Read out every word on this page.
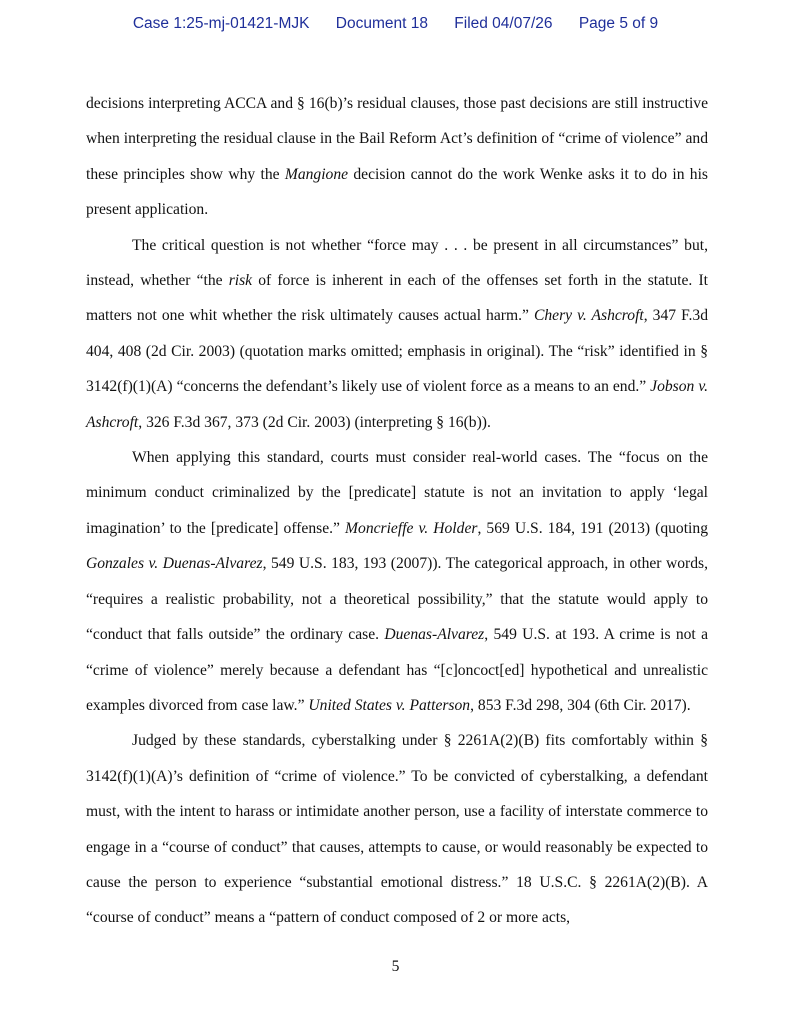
Case 1:25-mj-01421-MJK Document 18 Filed 04/07/26 Page 5 of 9

decisions interpreting ACCA and § 16(b)’s residual clauses, those past decisions are still instructive when interpreting the residual clause in the Bail Reform Act’s definition of “crime of violence” and these principles show why the Mangione decision cannot do the work Wenke asks it to do in his present application.

The critical question is not whether “force may . . . be present in all circumstances” but, instead, whether “the risk of force is inherent in each of the offenses set forth in the statute. It matters not one whit whether the risk ultimately causes actual harm.” Chery v. Ashcroft, 347 F.3d 404, 408 (2d Cir. 2003) (quotation marks omitted; emphasis in original). The “risk” identified in § 3142(f)(1)(A) “concerns the defendant’s likely use of violent force as a means to an end.” Jobson v. Ashcroft, 326 F.3d 367, 373 (2d Cir. 2003) (interpreting § 16(b)).

When applying this standard, courts must consider real-world cases. The “focus on the minimum conduct criminalized by the [predicate] statute is not an invitation to apply ‘legal imagination’ to the [predicate] offense.” Moncrieffe v. Holder, 569 U.S. 184, 191 (2013) (quoting Gonzales v. Duenas-Alvarez, 549 U.S. 183, 193 (2007)). The categorical approach, in other words, “requires a realistic probability, not a theoretical possibility,” that the statute would apply to “conduct that falls outside” the ordinary case. Duenas-Alvarez, 549 U.S. at 193. A crime is not a “crime of violence” merely because a defendant has “[c]oncoct[ed] hypothetical and unrealistic examples divorced from case law.” United States v. Patterson, 853 F.3d 298, 304 (6th Cir. 2017).

Judged by these standards, cyberstalking under § 2261A(2)(B) fits comfortably within § 3142(f)(1)(A)’s definition of “crime of violence.” To be convicted of cyberstalking, a defendant must, with the intent to harass or intimidate another person, use a facility of interstate commerce to engage in a “course of conduct” that causes, attempts to cause, or would reasonably be expected to cause the person to experience “substantial emotional distress.” 18 U.S.C. § 2261A(2)(B). A “course of conduct” means a “pattern of conduct composed of 2 or more acts,

5
